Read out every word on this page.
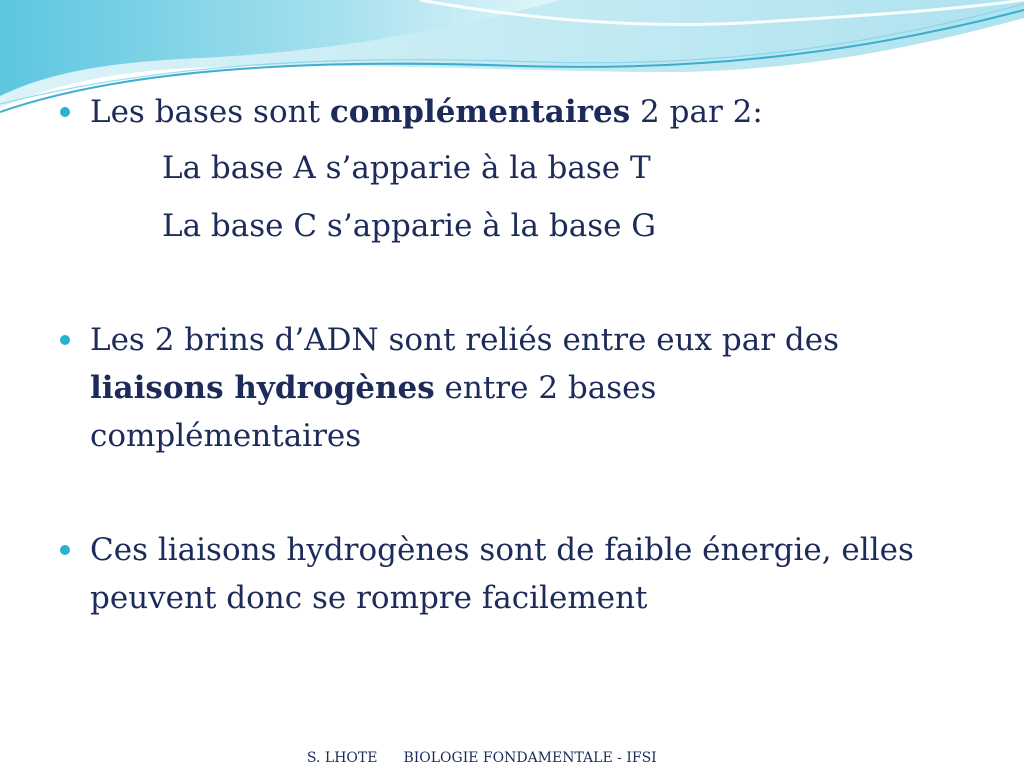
Les bases sont complémentaires 2 par 2:
La base A s’apparie à la base T
La base C s’apparie à la base G
Les 2 brins d’ADN sont reliés entre eux par des
liaisons hydrogènes entre 2 bases
complémentaires
Ces liaisons hydrogènes sont de faible énergie, elles
peuvent donc se rompre facilement

S. LHOTE BIOLOGIE FONDAMENTALE - IFSI
